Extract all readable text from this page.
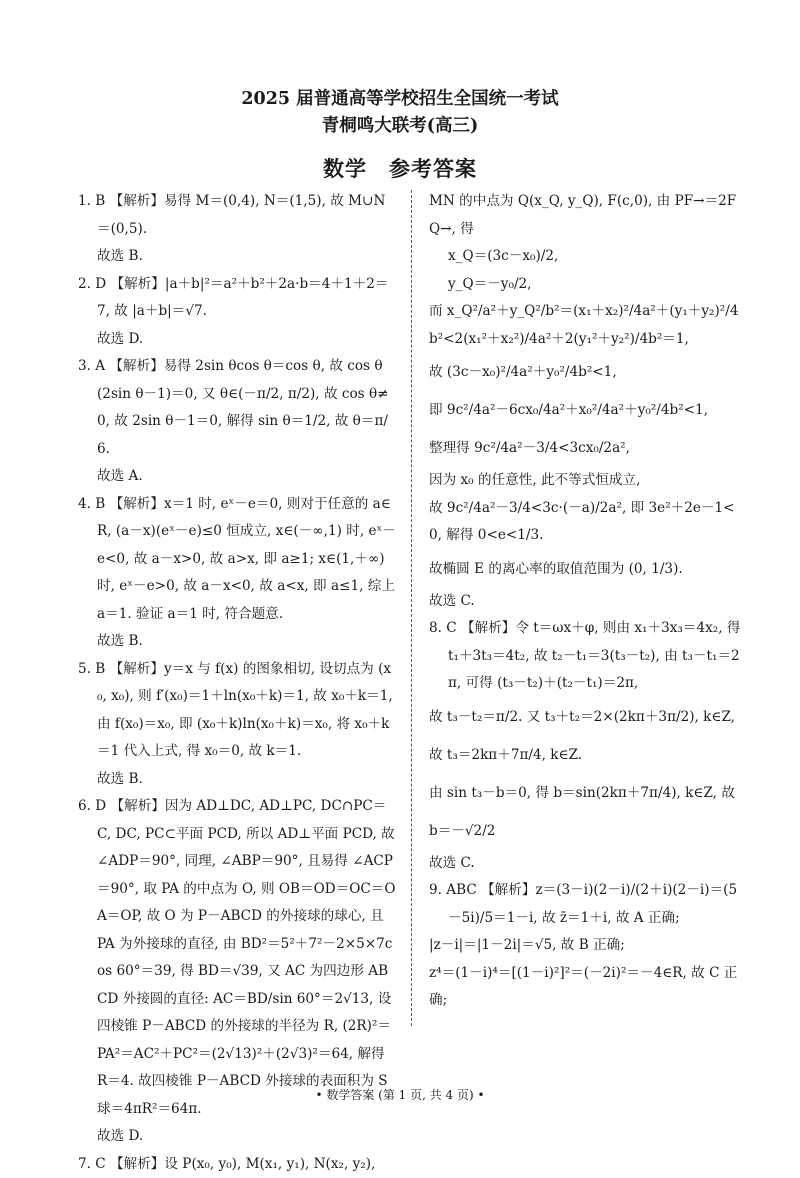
2025 届普通高等学校招生全国统一考试
青桐鸣大联考(高三)
数学　参考答案
1. B 【解析】易得 M＝(0,4), N＝(1,5), 故 M∪N＝(0,5).
故选 B.
2. D 【解析】|a＋b|²＝a²＋b²＋2a·b＝4＋1＋2＝7, 故 |a＋b|＝√7.
故选 D.
3. A 【解析】易得 2sin θcos θ＝cos θ, 故 cos θ(2sin θ－1)＝0, 又 θ∈(－π/2, π/2), 故 cos θ≠0, 故 2sin θ－1＝0, 解得 sin θ＝1/2, 故 θ＝π/6.
故选 A.
4. B 【解析】x＝1 时, eˣ－e＝0, 则对于任意的 a∈R, (a－x)(eˣ－e)≤0 恒成立, x∈(－∞,1) 时, eˣ－e<0, 故 a－x>0, 故 a>x, 即 a≥1; x∈(1,＋∞) 时, eˣ－e>0, 故 a－x<0, 故 a<x, 即 a≤1, 综上 a＝1. 验证 a＝1 时, 符合题意.
故选 B.
5. B 【解析】y＝x 与 f(x) 的图象相切, 设切点为 (x₀, x₀), 则 f′(x₀)＝1＋ln(x₀＋k)＝1, 故 x₀＋k＝1,
由 f(x₀)＝x₀, 即 (x₀＋k)ln(x₀＋k)＝x₀, 将 x₀＋k＝1 代入上式, 得 x₀＝0, 故 k＝1.
故选 B.
6. D 【解析】因为 AD⊥DC, AD⊥PC, DC∩PC＝C, DC, PC⊂平面 PCD, 所以 AD⊥平面 PCD, 故 ∠ADP＝90°, 同理, ∠ABP＝90°, 且易得 ∠ACP＝90°, 取 PA 的中点为 O, 则 OB＝OD＝OC＝OA＝OP, 故 O 为 P－ABCD 的外接球的球心, 且 PA 为外接球的直径, 由 BD²＝5²＋7²－2×5×7cos 60°＝39, 得 BD＝√39, 又 AC 为四边形 ABCD 外接圆的直径: AC＝BD/sin 60°＝2√13, 设四棱锥 P－ABCD 的外接球的半径为 R, (2R)²＝PA²＝AC²＋PC²＝(2√13)²＋(2√3)²＝64, 解得 R＝4. 故四棱锥 P－ABCD 外接球的表面积为 S球＝4πR²＝64π.
故选 D.
7. C 【解析】设 P(x₀, y₀), M(x₁, y₁), N(x₂, y₂),
MN 的中点为 Q(x_Q, y_Q), F(c,0), 由 PF→＝2FQ→, 得
x_Q＝(3c－x₀)/2,
y_Q＝－y₀/2,
而 x_Q²/a²＋y_Q²/b²＝(x₁＋x₂)²/4a²＋(y₁＋y₂)²/4b²<2(x₁²＋x₂²)/4a²＋2(y₁²＋y₂²)/4b²＝1,
故 (3c－x₀)²/4a²＋y₀²/4b²<1,
即 9c²/4a²－6cx₀/4a²＋x₀²/4a²＋y₀²/4b²<1,
整理得 9c²/4a²－3/4<3cx₀/2a²,
因为 x₀ 的任意性, 此不等式恒成立,
故 9c²/4a²－3/4<3c·(－a)/2a², 即 3e²＋2e－1<0, 解得 0<e<1/3.
故椭圆 E 的离心率的取值范围为 (0, 1/3).
故选 C.
8. C 【解析】令 t＝ωx＋φ, 则由 x₁＋3x₃＝4x₂, 得 t₁＋3t₃＝4t₂, 故 t₂－t₁＝3(t₃－t₂), 由 t₃－t₁＝2π, 可得 (t₃－t₂)＋(t₂－t₁)＝2π,
故 t₃－t₂＝π/2. 又 t₃＋t₂＝2×(2kπ＋3π/2), k∈Z,
故 t₃＝2kπ＋7π/4, k∈Z.
由 sin t₃－b＝0, 得 b＝sin(2kπ＋7π/4), k∈Z, 故 b＝－√2/2
故选 C.
9. ABC 【解析】z＝(3－i)(2－i)/(2＋i)(2－i)＝(5－5i)/5＝1－i, 故 z̄＝1＋i, 故 A 正确;
|z－i|＝|1－2i|＝√5, 故 B 正确;
z⁴＝(1－i)⁴＝[(1－i)²]²＝(－2i)²＝－4∈R, 故 C 正确;
• 数学答案 (第 1 页, 共 4 页) •
